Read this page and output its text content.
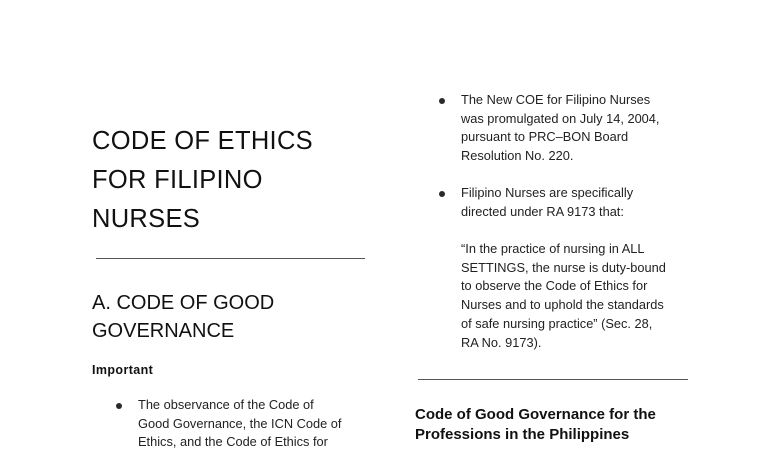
CODE OF ETHICS
FOR FILIPINO
NURSES
A. CODE OF GOOD
GOVERNANCE
Important
The observance of the Code of
Good Governance, the ICN Code of
Ethics, and the Code of Ethics for
The New COE for Filipino Nurses
was promulgated on July 14, 2004,
pursuant to PRC–BON Board
Resolution No. 220.
Filipino Nurses are specifically
directed under RA 9173 that:
“In the practice of nursing in ALL
SETTINGS, the nurse is duty-bound
to observe the Code of Ethics for
Nurses and to uphold the standards
of safe nursing practice” (Sec. 28,
RA No. 9173).
Code of Good Governance for the
Professions in the Philippines
